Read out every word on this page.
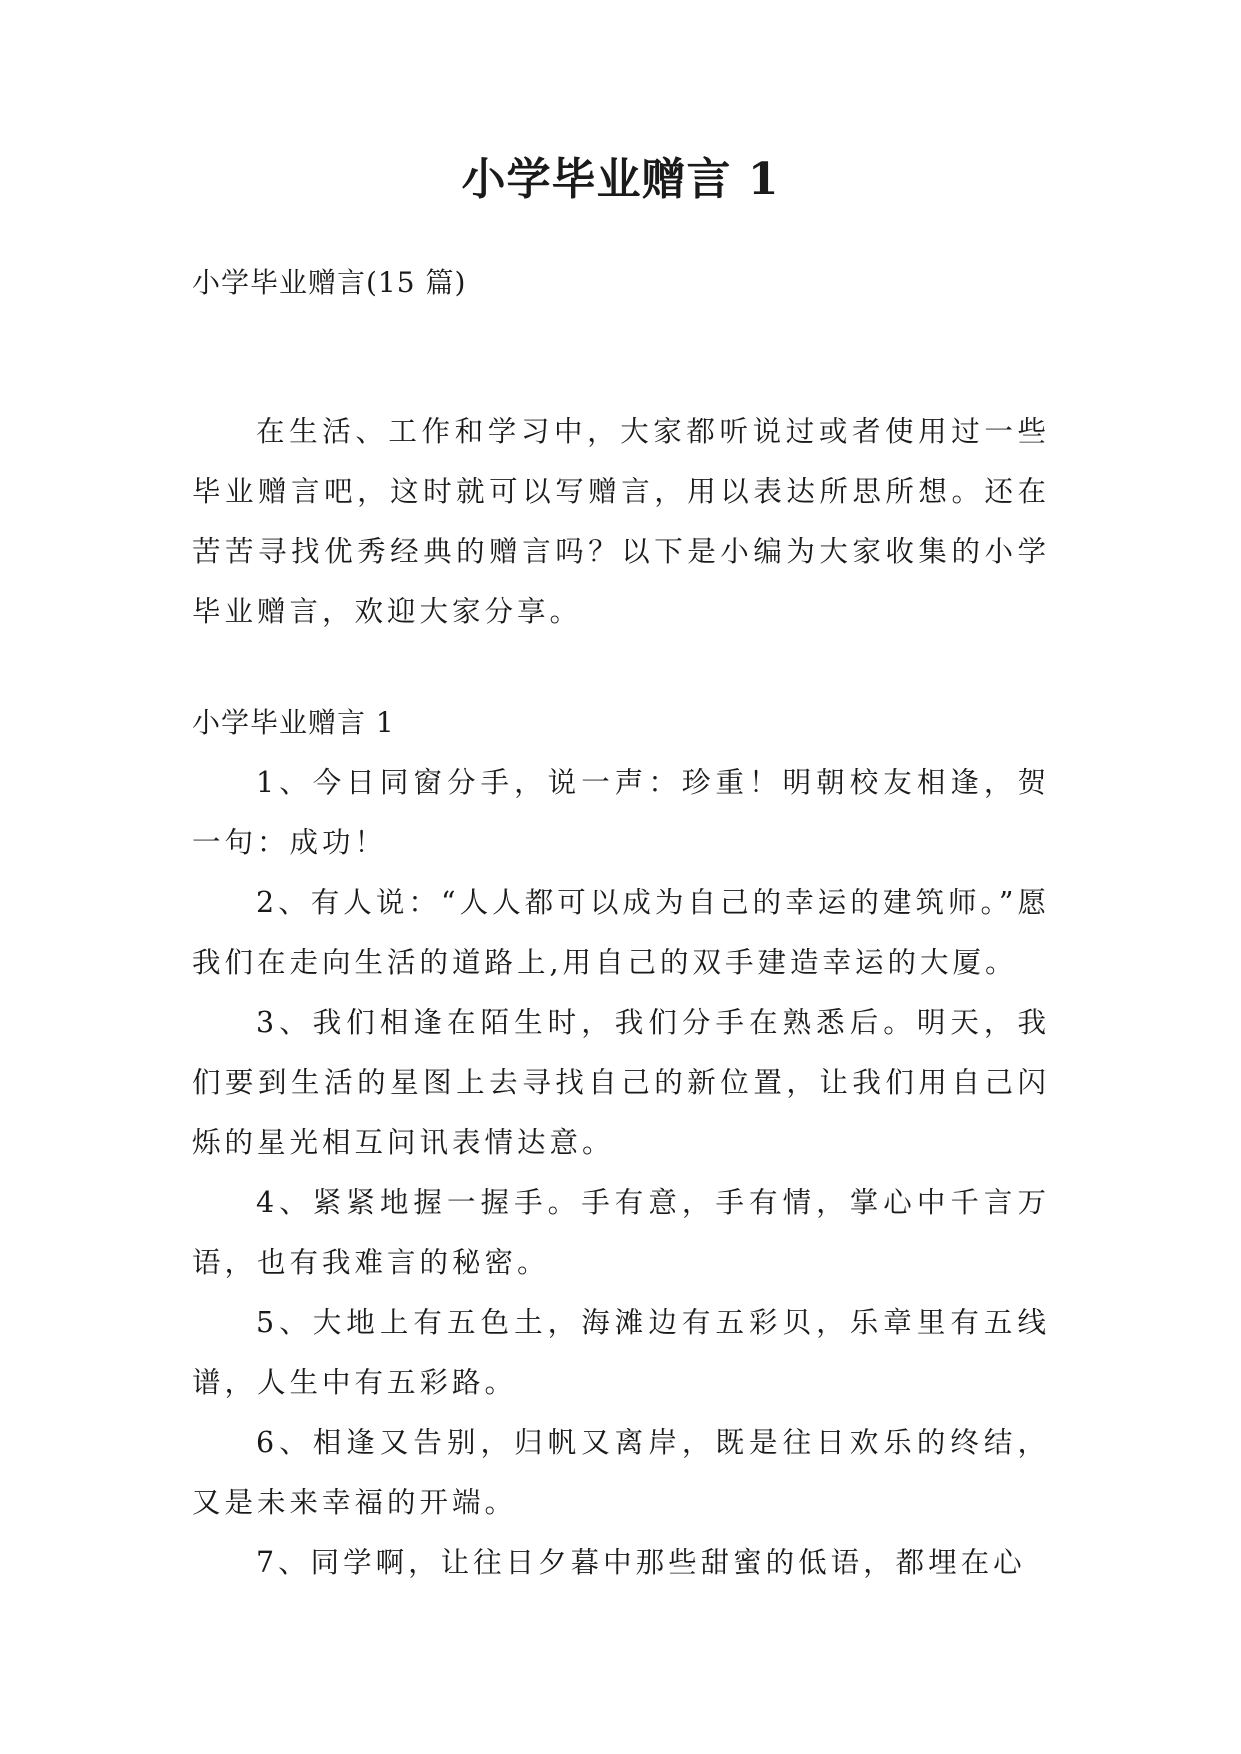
小学毕业赠言 1
小学毕业赠言(15 篇)

在生活、工作和学习中，大家都听说过或者使用过一些毕业赠言吧，这时就可以写赠言，用以表达所思所想。还在苦苦寻找优秀经典的赠言吗？以下是小编为大家收集的小学毕业赠言，欢迎大家分享。

小学毕业赠言 1

1、今日同窗分手，说一声：珍重！明朝校友相逢，贺一句：成功！

2、有人说：“人人都可以成为自己的幸运的建筑师。”愿我们在走向生活的道路上,用自己的双手建造幸运的大厦。

3、我们相逢在陌生时，我们分手在熟悉后。明天，我们要到生活的星图上去寻找自己的新位置，让我们用自己闪烁的星光相互问讯表情达意。

4、紧紧地握一握手。手有意，手有情，掌心中千言万语，也有我难言的秘密。

5、大地上有五色土，海滩边有五彩贝，乐章里有五线谱，人生中有五彩路。

6、相逢又告别，归帆又离岸，既是往日欢乐的终结，又是未来幸福的开端。

7、同学啊，让往日夕暮中那些甜蜜的低语，都埋在心
